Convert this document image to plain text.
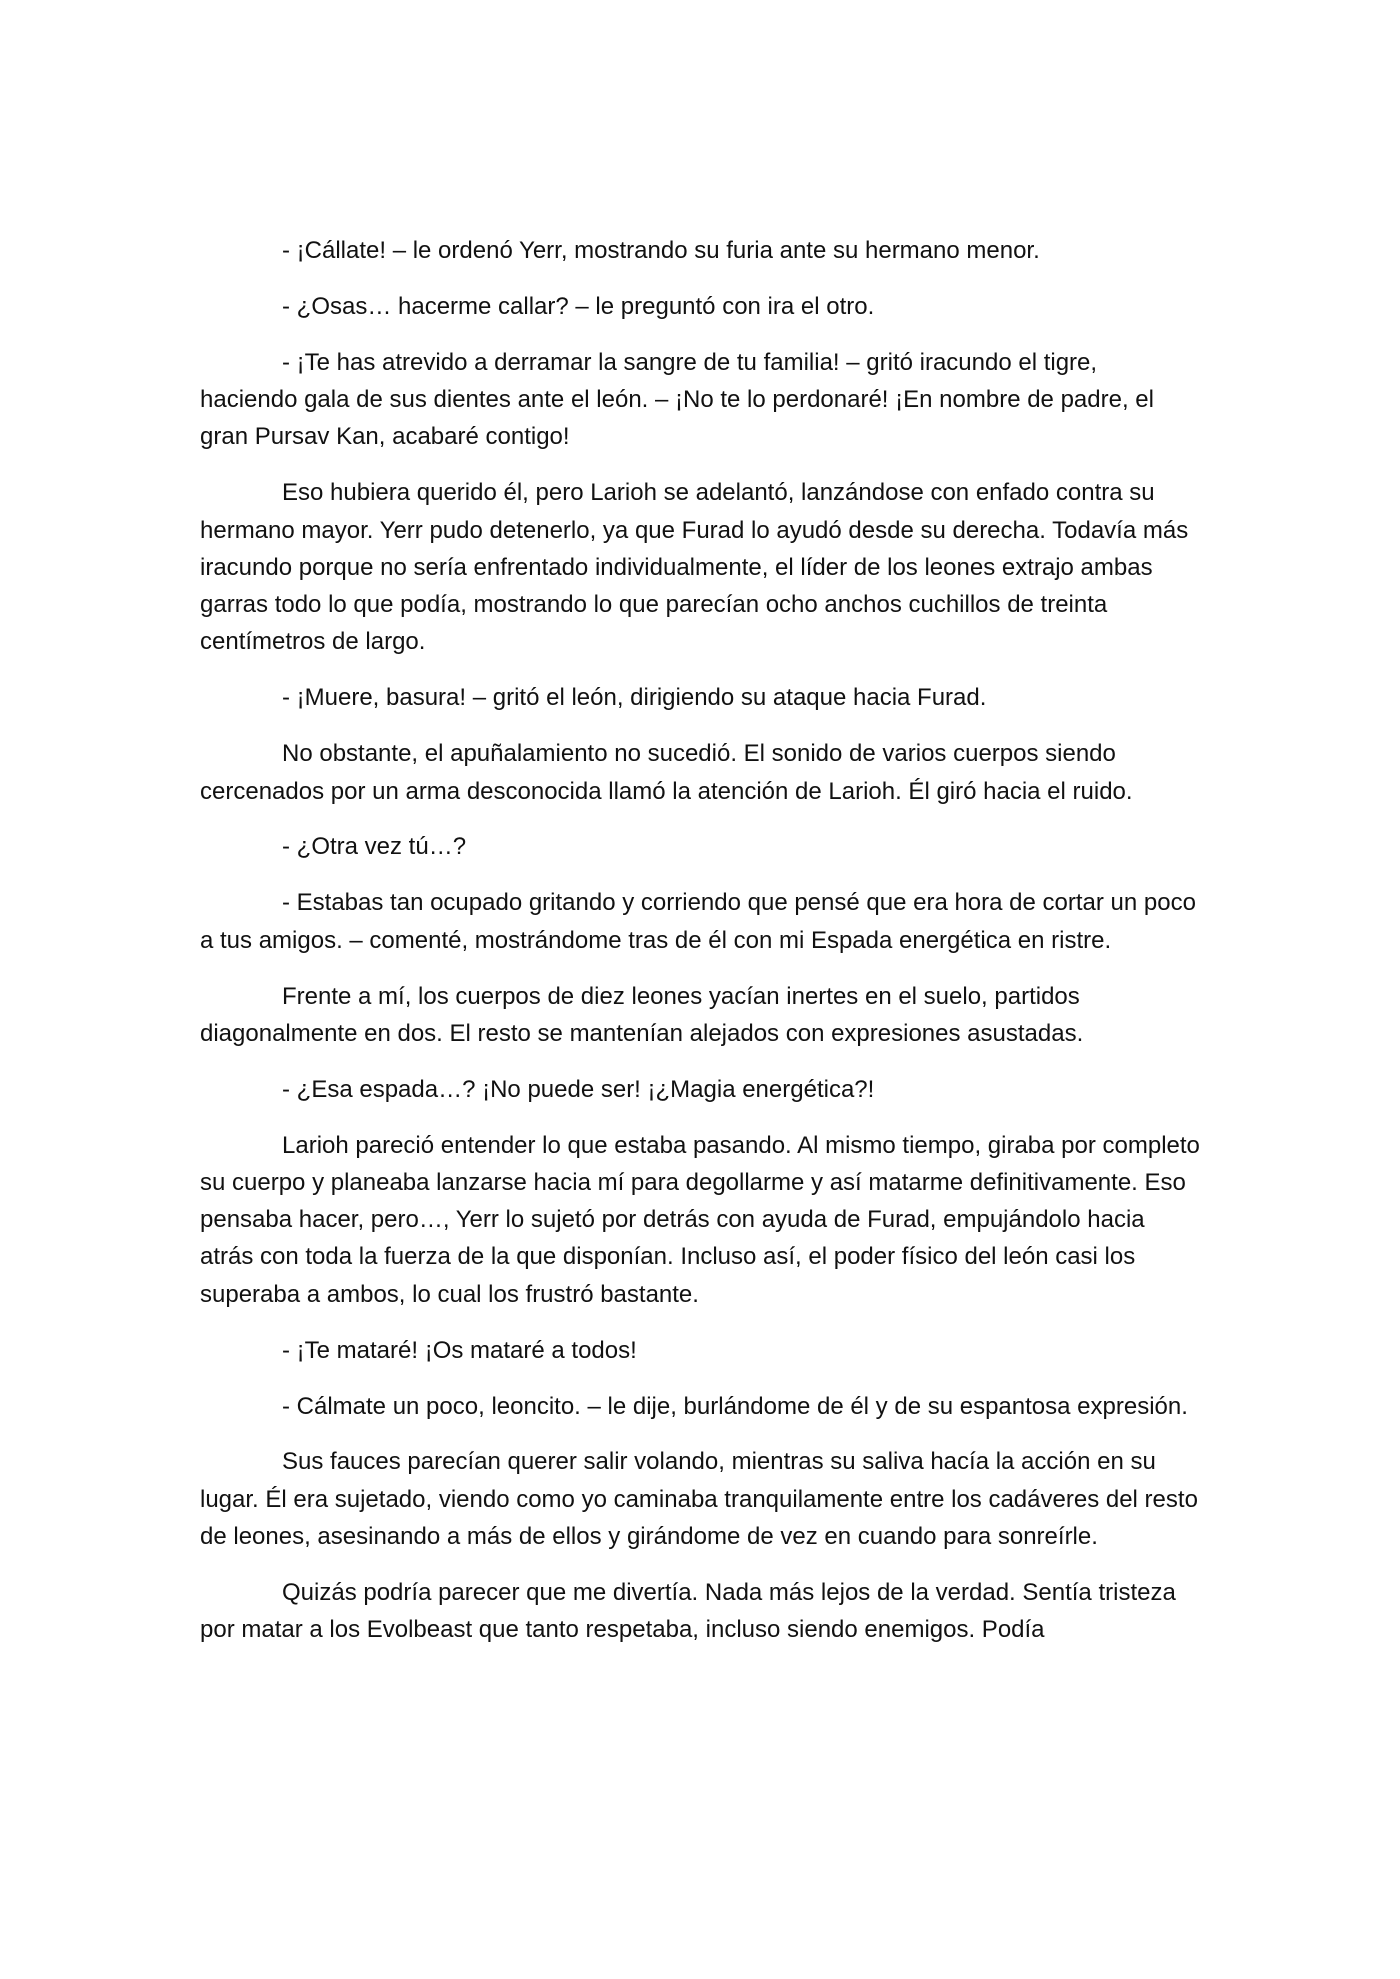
- ¡Cállate! – le ordenó Yerr, mostrando su furia ante su hermano menor.

- ¿Osas… hacerme callar? – le preguntó con ira el otro.

- ¡Te has atrevido a derramar la sangre de tu familia! – gritó iracundo el tigre, haciendo gala de sus dientes ante el león. – ¡No te lo perdonaré! ¡En nombre de padre, el gran Pursav Kan, acabaré contigo!

Eso hubiera querido él, pero Larioh se adelantó, lanzándose con enfado contra su hermano mayor. Yerr pudo detenerlo, ya que Furad lo ayudó desde su derecha. Todavía más iracundo porque no sería enfrentado individualmente, el líder de los leones extrajo ambas garras todo lo que podía, mostrando lo que parecían ocho anchos cuchillos de treinta centímetros de largo.

- ¡Muere, basura! – gritó el león, dirigiendo su ataque hacia Furad.

No obstante, el apuñalamiento no sucedió. El sonido de varios cuerpos siendo cercenados por un arma desconocida llamó la atención de Larioh. Él giró hacia el ruido.

- ¿Otra vez tú…?

- Estabas tan ocupado gritando y corriendo que pensé que era hora de cortar un poco a tus amigos. – comenté, mostrándome tras de él con mi Espada energética en ristre.

Frente a mí, los cuerpos de diez leones yacían inertes en el suelo, partidos diagonalmente en dos. El resto se mantenían alejados con expresiones asustadas.

- ¿Esa espada…? ¡No puede ser! ¡¿Magia energética?!

Larioh pareció entender lo que estaba pasando. Al mismo tiempo, giraba por completo su cuerpo y planeaba lanzarse hacia mí para degollarme y así matarme definitivamente. Eso pensaba hacer, pero…, Yerr lo sujetó por detrás con ayuda de Furad, empujándolo hacia atrás con toda la fuerza de la que disponían. Incluso así, el poder físico del león casi los superaba a ambos, lo cual los frustró bastante.

- ¡Te mataré! ¡Os mataré a todos!

- Cálmate un poco, leoncito. – le dije, burlándome de él y de su espantosa expresión.

Sus fauces parecían querer salir volando, mientras su saliva hacía la acción en su lugar. Él era sujetado, viendo como yo caminaba tranquilamente entre los cadáveres del resto de leones, asesinando a más de ellos y girándome de vez en cuando para sonreírle.

Quizás podría parecer que me divertía. Nada más lejos de la verdad. Sentía tristeza por matar a los Evolbeast que tanto respetaba, incluso siendo enemigos. Podía
